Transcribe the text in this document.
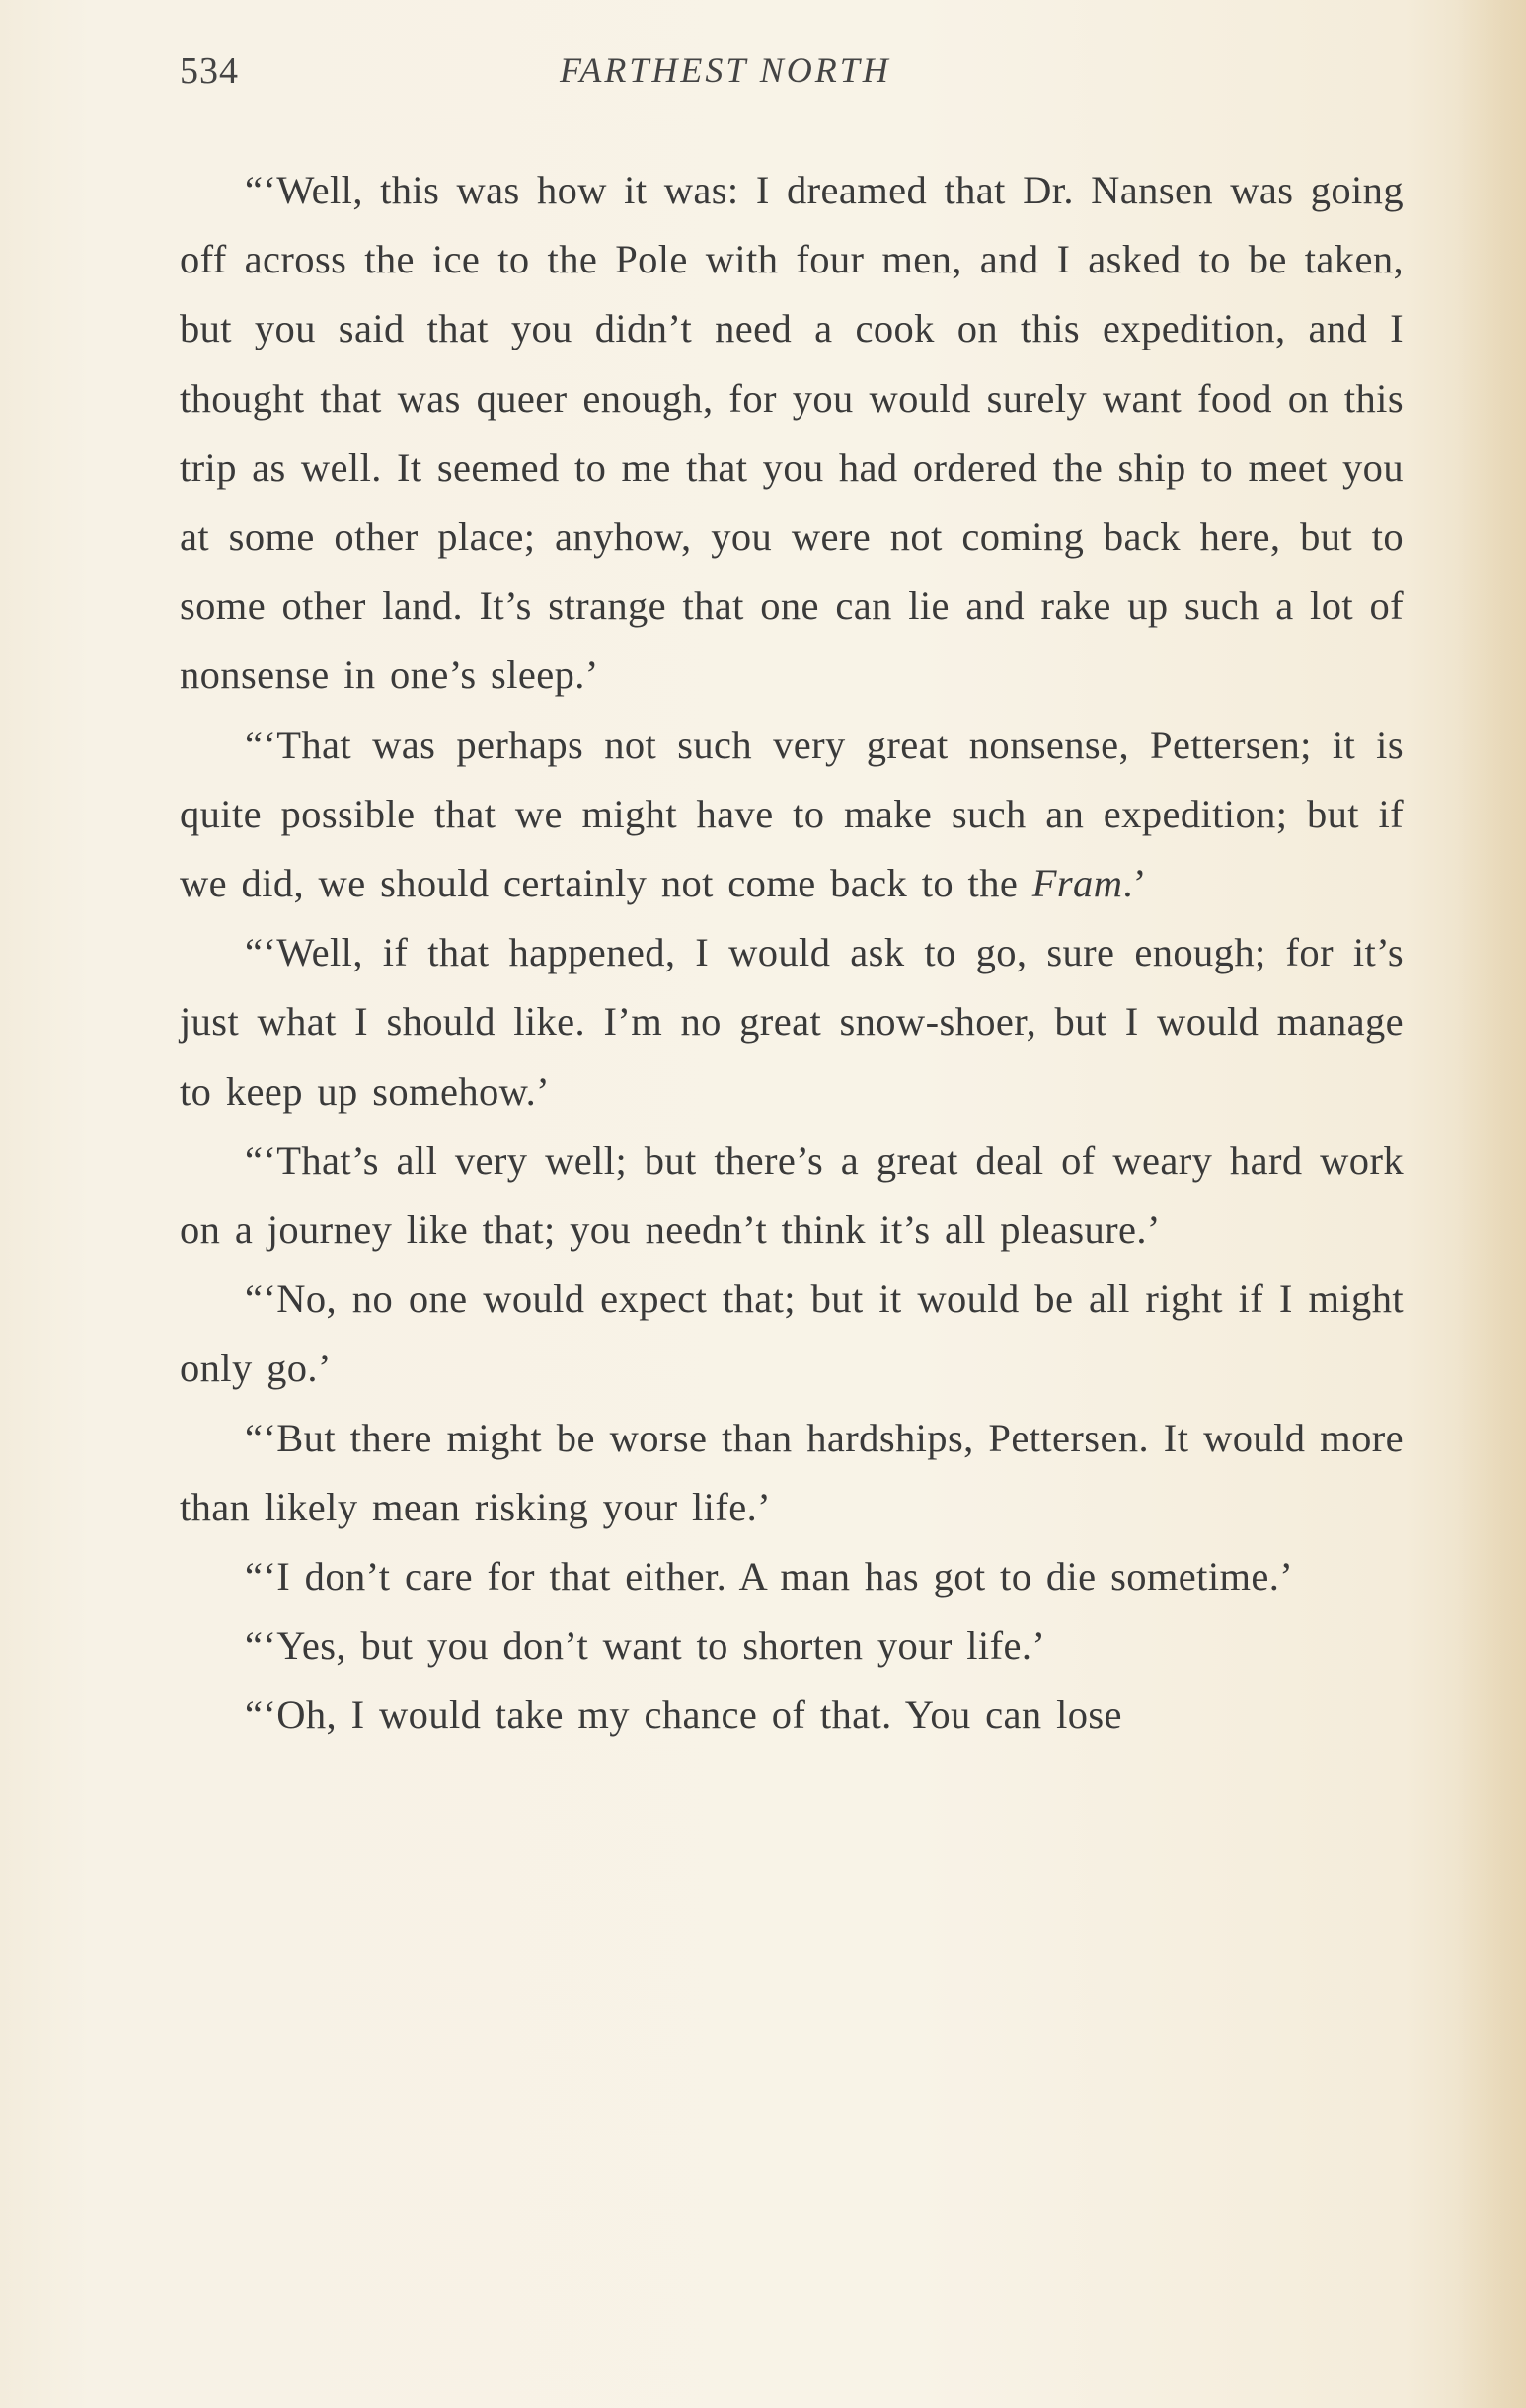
534	FARTHEST NORTH

“‘Well, this was how it was: I dreamed that Dr. Nansen was going off across the ice to the Pole with four men, and I asked to be taken, but you said that you didn’t need a cook on this expedition, and I thought that was queer enough, for you would surely want food on this trip as well. It seemed to me that you had ordered the ship to meet you at some other place; anyhow, you were not coming back here, but to some other land. It’s strange that one can lie and rake up such a lot of nonsense in one’s sleep.’

“‘That was perhaps not such very great nonsense, Pettersen; it is quite possible that we might have to make such an expedition; but if we did, we should certainly not come back to the Fram.’

“‘Well, if that happened, I would ask to go, sure enough; for it’s just what I should like. I’m no great snow-shoer, but I would manage to keep up somehow.’

“‘That’s all very well; but there’s a great deal of weary hard work on a journey like that; you needn’t think it’s all pleasure.’

“‘No, no one would expect that; but it would be all right if I might only go.’

“‘But there might be worse than hardships, Pettersen. It would more than likely mean risking your life.’

“‘I don’t care for that either. A man has got to die sometime.’

“‘Yes, but you don’t want to shorten your life.’

“‘Oh, I would take my chance of that. You can lose
